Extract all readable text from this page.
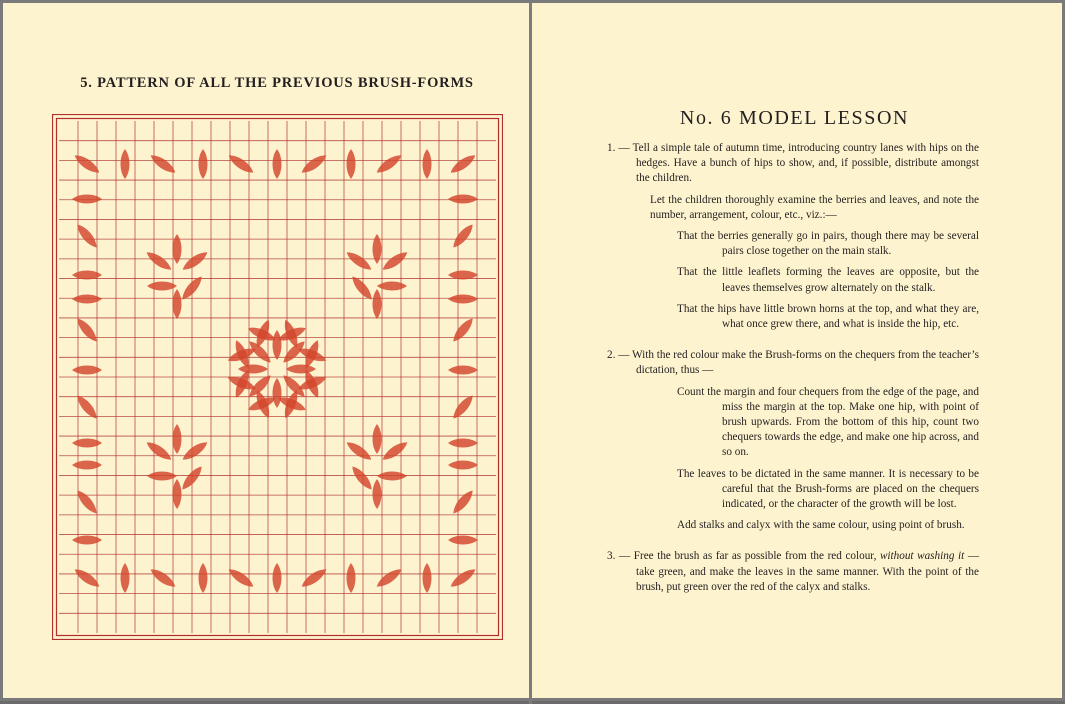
5. PATTERN OF ALL THE PREVIOUS BRUSH-FORMS
No. 6 MODEL LESSON

1. — Tell a simple tale of autumn time, introducing country lanes with hips on the hedges. Have a bunch of hips to show, and, if possible, distribute amongst the children.

Let the children thoroughly examine the berries and leaves, and note the number, arrangement, colour, etc., viz.:—

That the berries generally go in pairs, though there may be several pairs close together on the main stalk.

That the little leaflets forming the leaves are opposite, but the leaves themselves grow alternately on the stalk.

That the hips have little brown horns at the top, and what they are, what once grew there, and what is inside the hip, etc.

2. — With the red colour make the Brush-forms on the chequers from the teacher’s dictation, thus —

Count the margin and four chequers from the edge of the page, and miss the margin at the top. Make one hip, with point of brush upwards. From the bottom of this hip, count two chequers towards the edge, and make one hip across, and so on.

The leaves to be dictated in the same manner. It is necessary to be careful that the Brush-forms are placed on the chequers indicated, or the character of the growth will be lost.

Add stalks and calyx with the same colour, using point of brush.

3. — Free the brush as far as possible from the red colour, without washing it — take green, and make the leaves in the same manner. With the point of the brush, put green over the red of the calyx and stalks.
